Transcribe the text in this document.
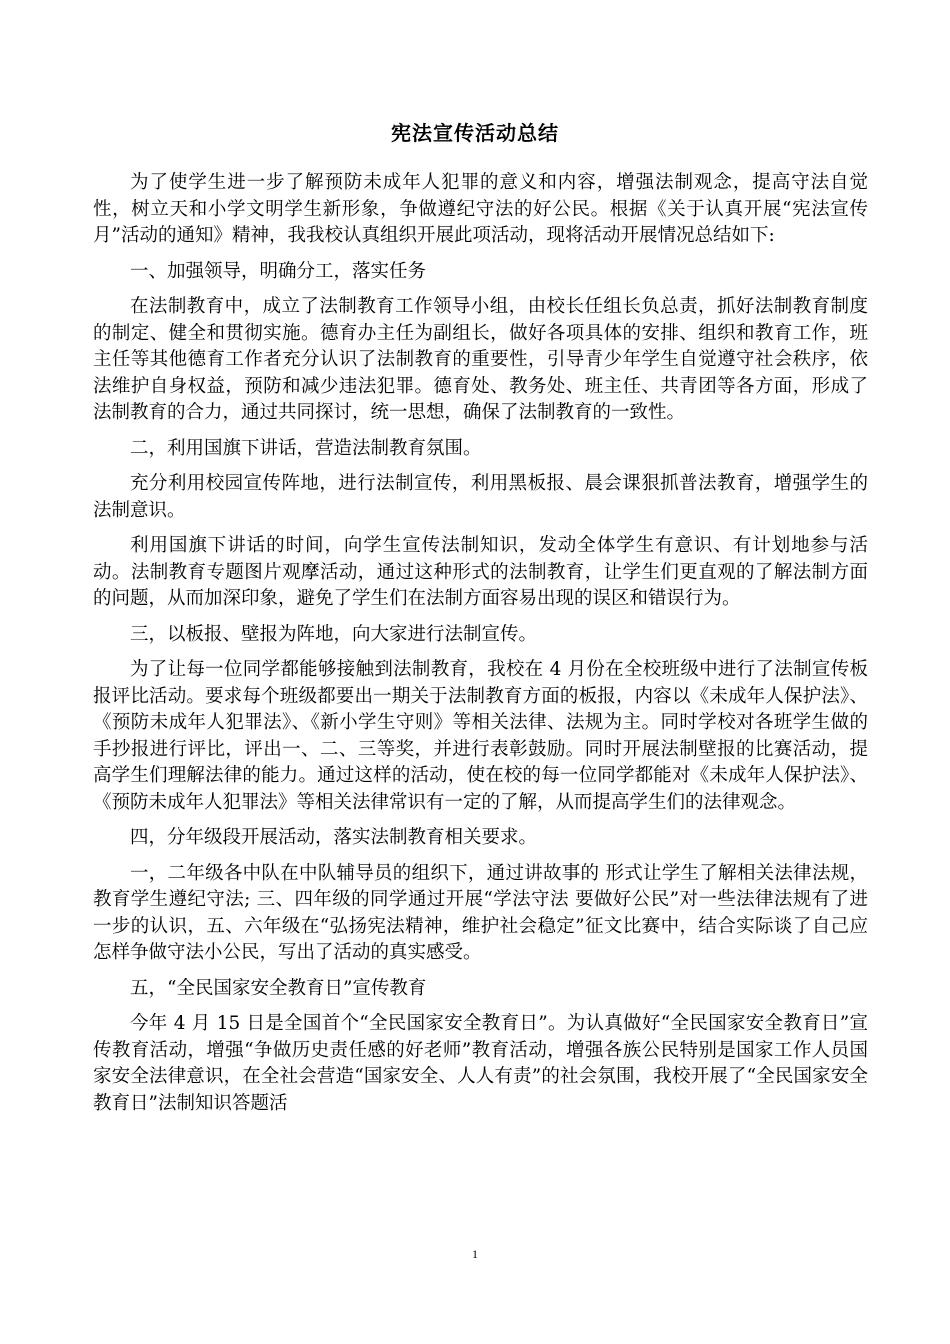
宪法宣传活动总结

为了使学生进一步了解预防未成年人犯罪的意义和内容，增强法制观念，提高守法自觉性，树立天和小学文明学生新形象，争做遵纪守法的好公民。根据《关于认真开展“宪法宣传月”活动的通知》精神，我我校认真组织开展此项活动，现将活动开展情况总结如下:

一、加强领导，明确分工，落实任务

在法制教育中，成立了法制教育工作领导小组，由校长任组长负总责，抓好法制教育制度的制定、健全和贯彻实施。德育办主任为副组长，做好各项具体的安排、组织和教育工作，班主任等其他德育工作者充分认识了法制教育的重要性，引导青少年学生自觉遵守社会秩序，依法维护自身权益，预防和减少违法犯罪。德育处、教务处、班主任、共青团等各方面，形成了法制教育的合力，通过共同探讨，统一思想，确保了法制教育的一致性。

二，利用国旗下讲话，营造法制教育氛围。

充分利用校园宣传阵地，进行法制宣传，利用黑板报、晨会课狠抓普法教育，增强学生的法制意识。

利用国旗下讲话的时间，向学生宣传法制知识，发动全体学生有意识、有计划地参与活动。法制教育专题图片观摩活动，通过这种形式的法制教育，让学生们更直观的了解法制方面的问题，从而加深印象，避免了学生们在法制方面容易出现的误区和错误行为。

三，以板报、壁报为阵地，向大家进行法制宣传。

为了让每一位同学都能够接触到法制教育，我校在 4 月份在全校班级中进行了法制宣传板报评比活动。要求每个班级都要出一期关于法制教育方面的板报，内容以《未成年人保护法》、《预防未成年人犯罪法》、《新小学生守则》等相关法律、法规为主。同时学校对各班学生做的手抄报进行评比，评出一、二、三等奖，并进行表彰鼓励。同时开展法制壁报的比赛活动，提高学生们理解法律的能力。通过这样的活动，使在校的每一位同学都能对《未成年人保护法》、《预防未成年人犯罪法》等相关法律常识有一定的了解，从而提高学生们的法律观念。

四，分年级段开展活动，落实法制教育相关要求。

一，二年级各中队在中队辅导员的组织下，通过讲故事的 形式让学生了解相关法律法规，教育学生遵纪守法; 三、四年级的同学通过开展“学法守法 要做好公民”对一些法律法规有了进一步的认识，五、六年级在“弘扬宪法精神，维护社会稳定”征文比赛中，结合实际谈了自己应怎样争做守法小公民，写出了活动的真实感受。

五，“全民国家安全教育日”宣传教育

今年 4 月 15 日是全国首个“全民国家安全教育日”。为认真做好“全民国家安全教育日”宣传教育活动，增强“争做历史责任感的好老师”教育活动，增强各族公民特别是国家工作人员国家安全法律意识，在全社会营造“国家安全、人人有责”的社会氛围，我校开展了“全民国家安全教育日”法制知识答题活

1
